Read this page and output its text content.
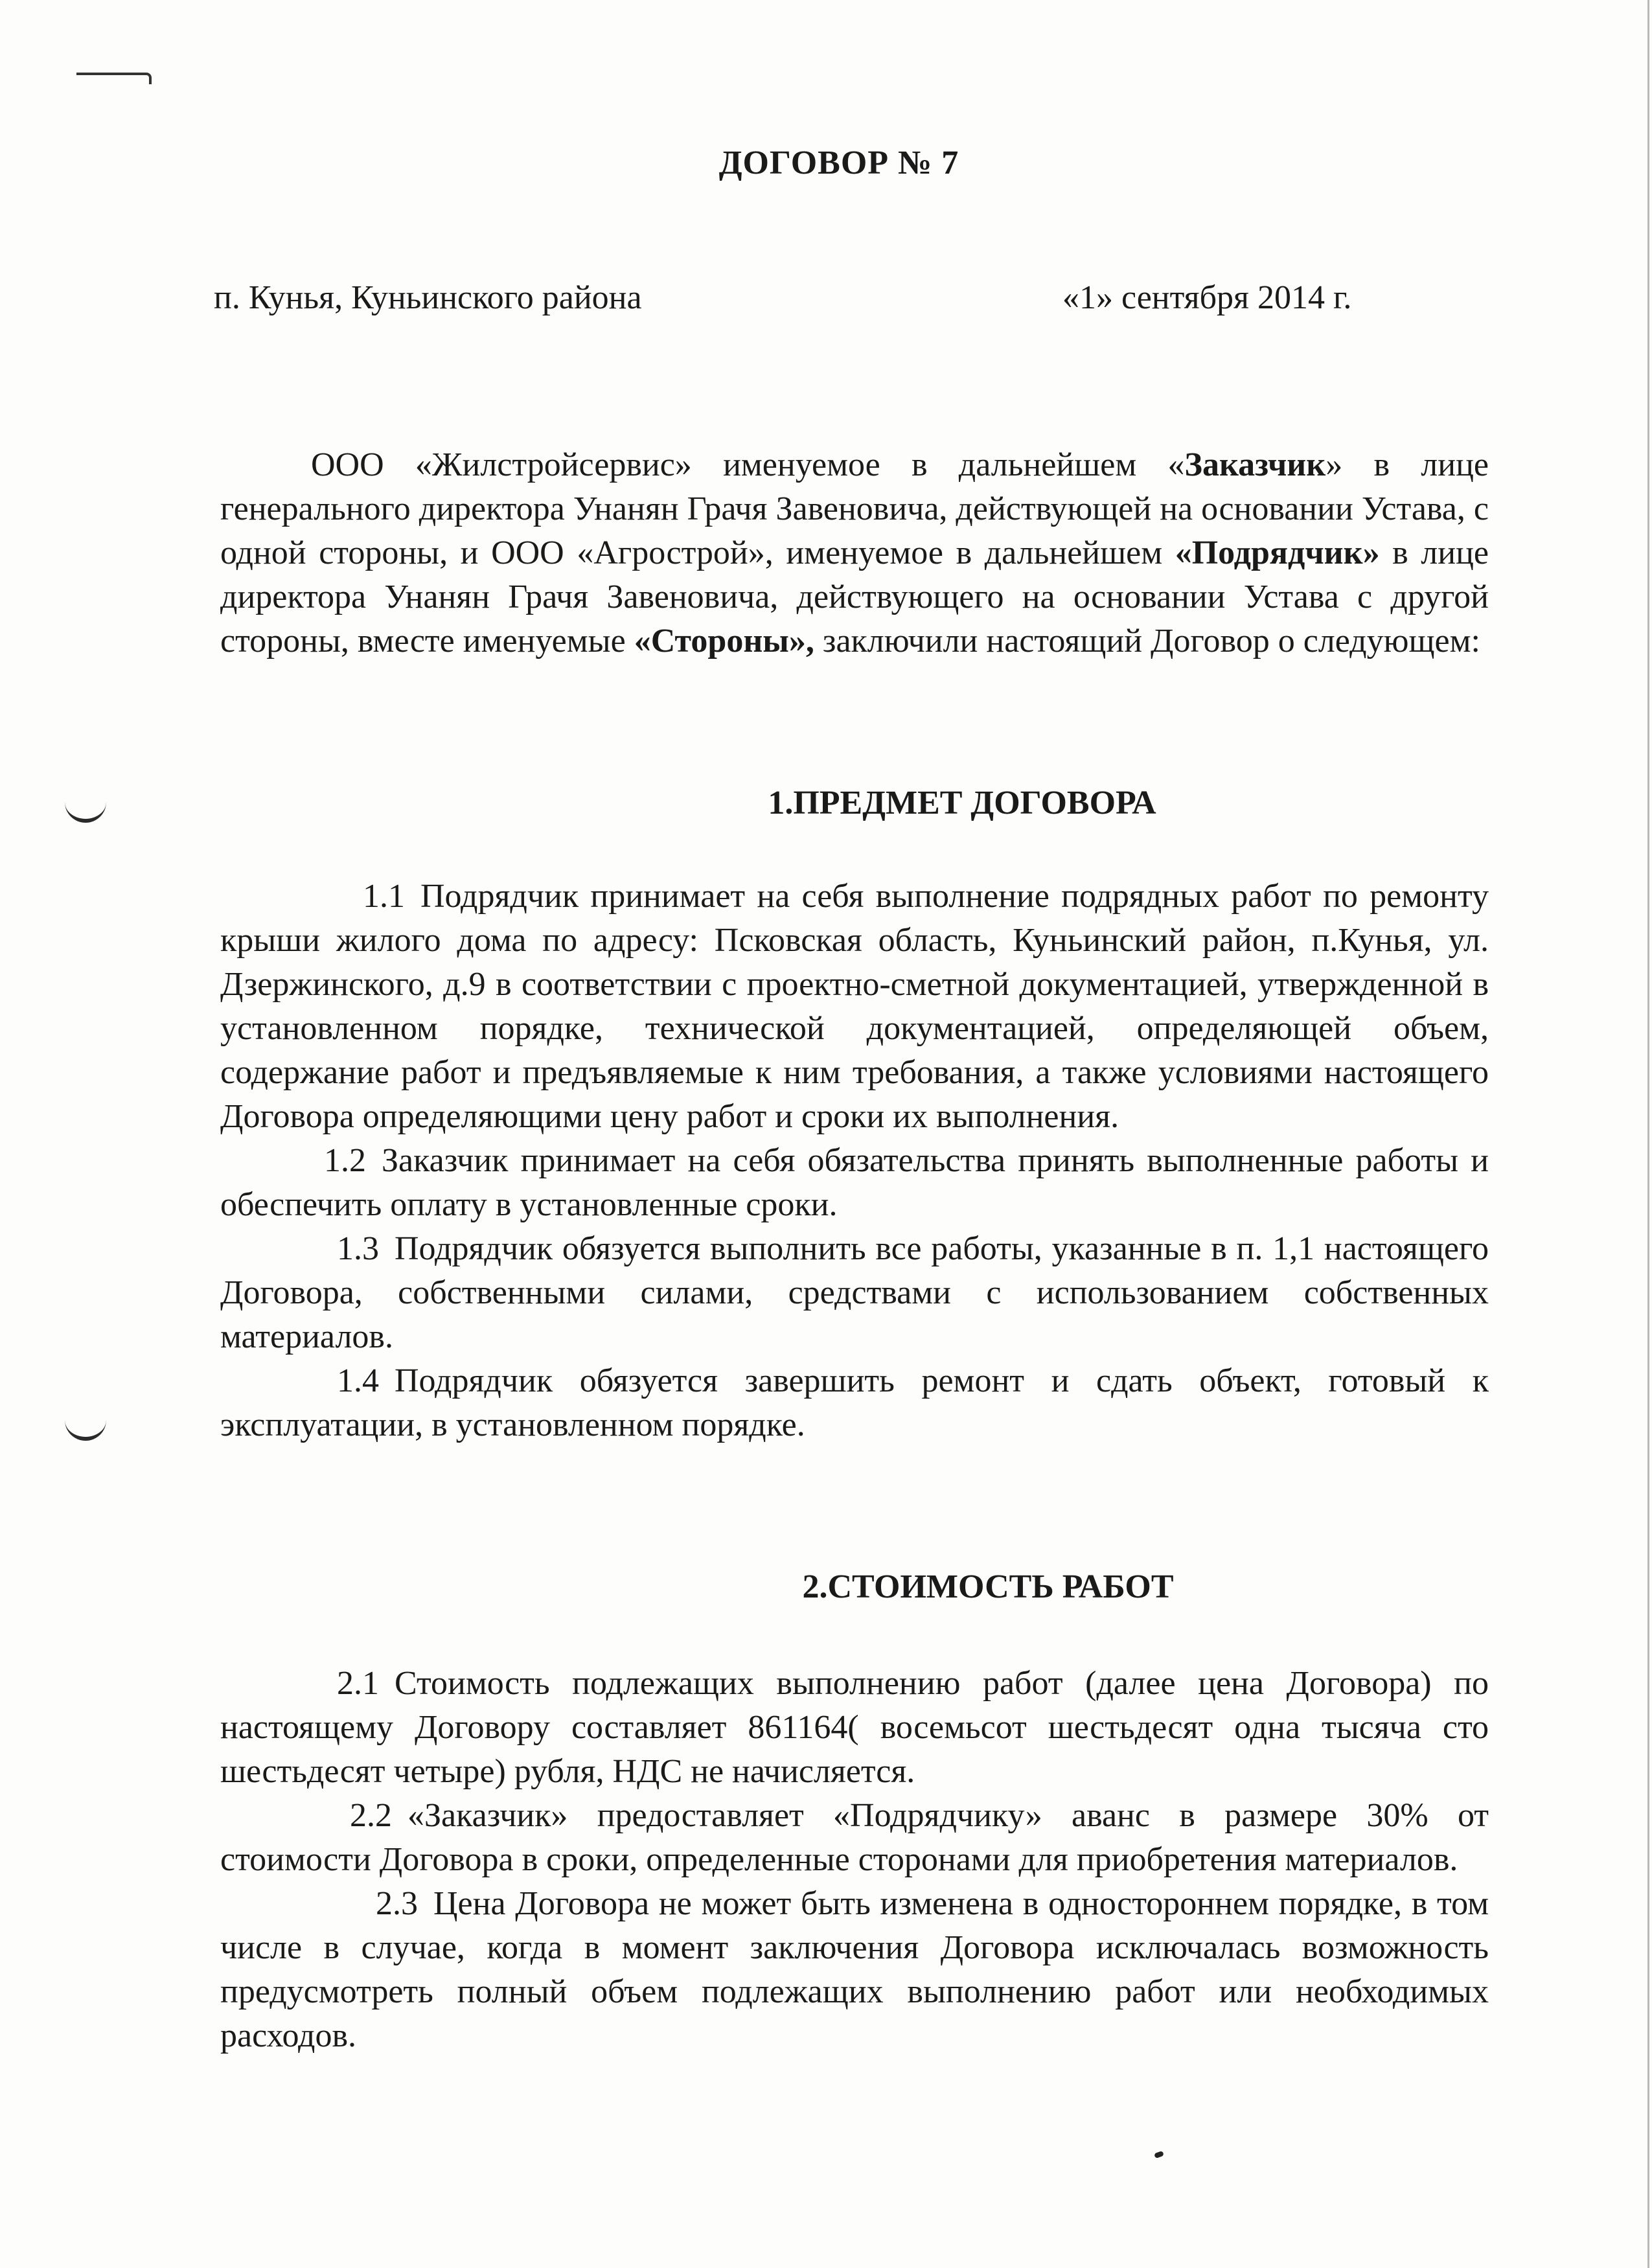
ДОГОВОР № 7
п. Кунья, Куньинского района	«1» сентября 2014 г.
ООО «Жилстройсервис» именуемое в дальнейшем «Заказчик» в лице генерального директора Унанян Грачя Завеновича, действующей на основании Устава, с одной стороны, и ООО «Агрострой», именуемое в дальнейшем «Подрядчик» в лице директора Унанян Грачя Завеновича, действующего на основании Устава с другой стороны, вместе именуемые «Стороны», заключили настоящий Договор о следующем:
1.ПРЕДМЕТ ДОГОВОРА

1.1 Подрядчик принимает на себя выполнение подрядных работ по ремонту крыши жилого дома по адресу: Псковская область, Куньинский район, п.Кунья, ул. Дзержинского, д.9 в соответствии с проектно-сметной документацией, утвержденной в установленном порядке, технической документацией, определяющей объем, содержание работ и предъявляемые к ним требования, а также условиями настоящего Договора определяющими цену работ и сроки их выполнения.

1.2 Заказчик принимает на себя обязательства принять выполненные работы и обеспечить оплату в установленные сроки.

1.3 Подрядчик обязуется выполнить все работы, указанные в п. 1,1 настоящего Договора, собственными силами, средствами с использованием собственных материалов.

1.4 Подрядчик обязуется завершить ремонт и сдать объект, готовый к эксплуатации, в установленном порядке.

2.СТОИМОСТЬ РАБОТ

2.1 Стоимость подлежащих выполнению работ (далее цена Договора) по настоящему Договору составляет 861164( восемьсот шестьдесят одна тысяча сто шестьдесят четыре) рубля, НДС не начисляется.

2.2 «Заказчик» предоставляет «Подрядчику» аванс в размере 30% от стоимости Договора в сроки, определенные сторонами для приобретения материалов.

2.3 Цена Договора не может быть изменена в одностороннем порядке, в том числе в случае, когда в момент заключения Договора исключалась возможность предусмотреть полный объем подлежащих выполнению работ или необходимых расходов.
